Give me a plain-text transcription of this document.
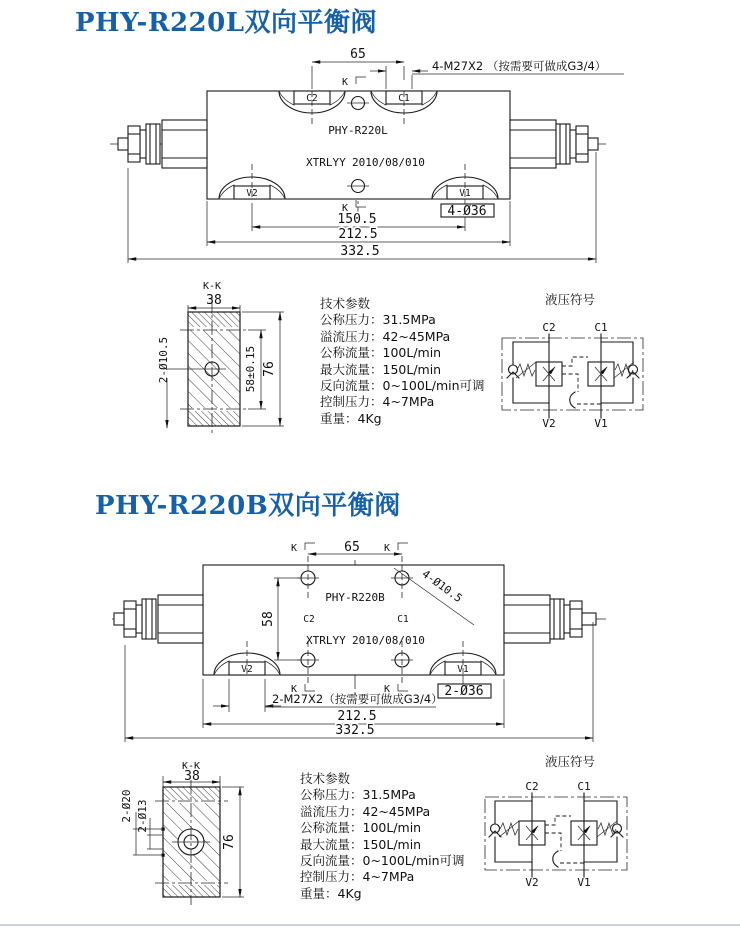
PHY-R220L双向平衡阀
PHY-R220B双向平衡阀
技术参数
公称压力：31.5MPa
溢流压力：42~45MPa
公称流量：100L/min
最大流量：150L/min
反向流量：0~100L/min可调
控制压力：4~7MPa
重量：4Kg
技术参数
公称压力：31.5MPa
溢流压力：42~45MPa
公称流量：100L/min
最大流量：150L/min
反向流量：0~100L/min可调
控制压力：4~7MPa
重量：4Kg
C2	C1
V2	V1
K
K
65
4-M27X2 （按需要可做成G3/4）
4-Ø36
150.5
212.5
332.5
PHY-R220L
XTRLYY 2010/08/010
K-K
38
2-Ø10.5	58±0.15 76
液压符号
C2	C1
V2	V1
K	K
K	K
65
58
4-Ø10.5
PHY-R220B
XTRLYY 2010/08/010
C2	C1
V2	V1
2-Ø36
2-M27X2（按需要可做成G3/4）
212.5
332.5
K-K
38
2-Ø20 2-Ø13
76
液压符号
C2	C1
V2	V1
